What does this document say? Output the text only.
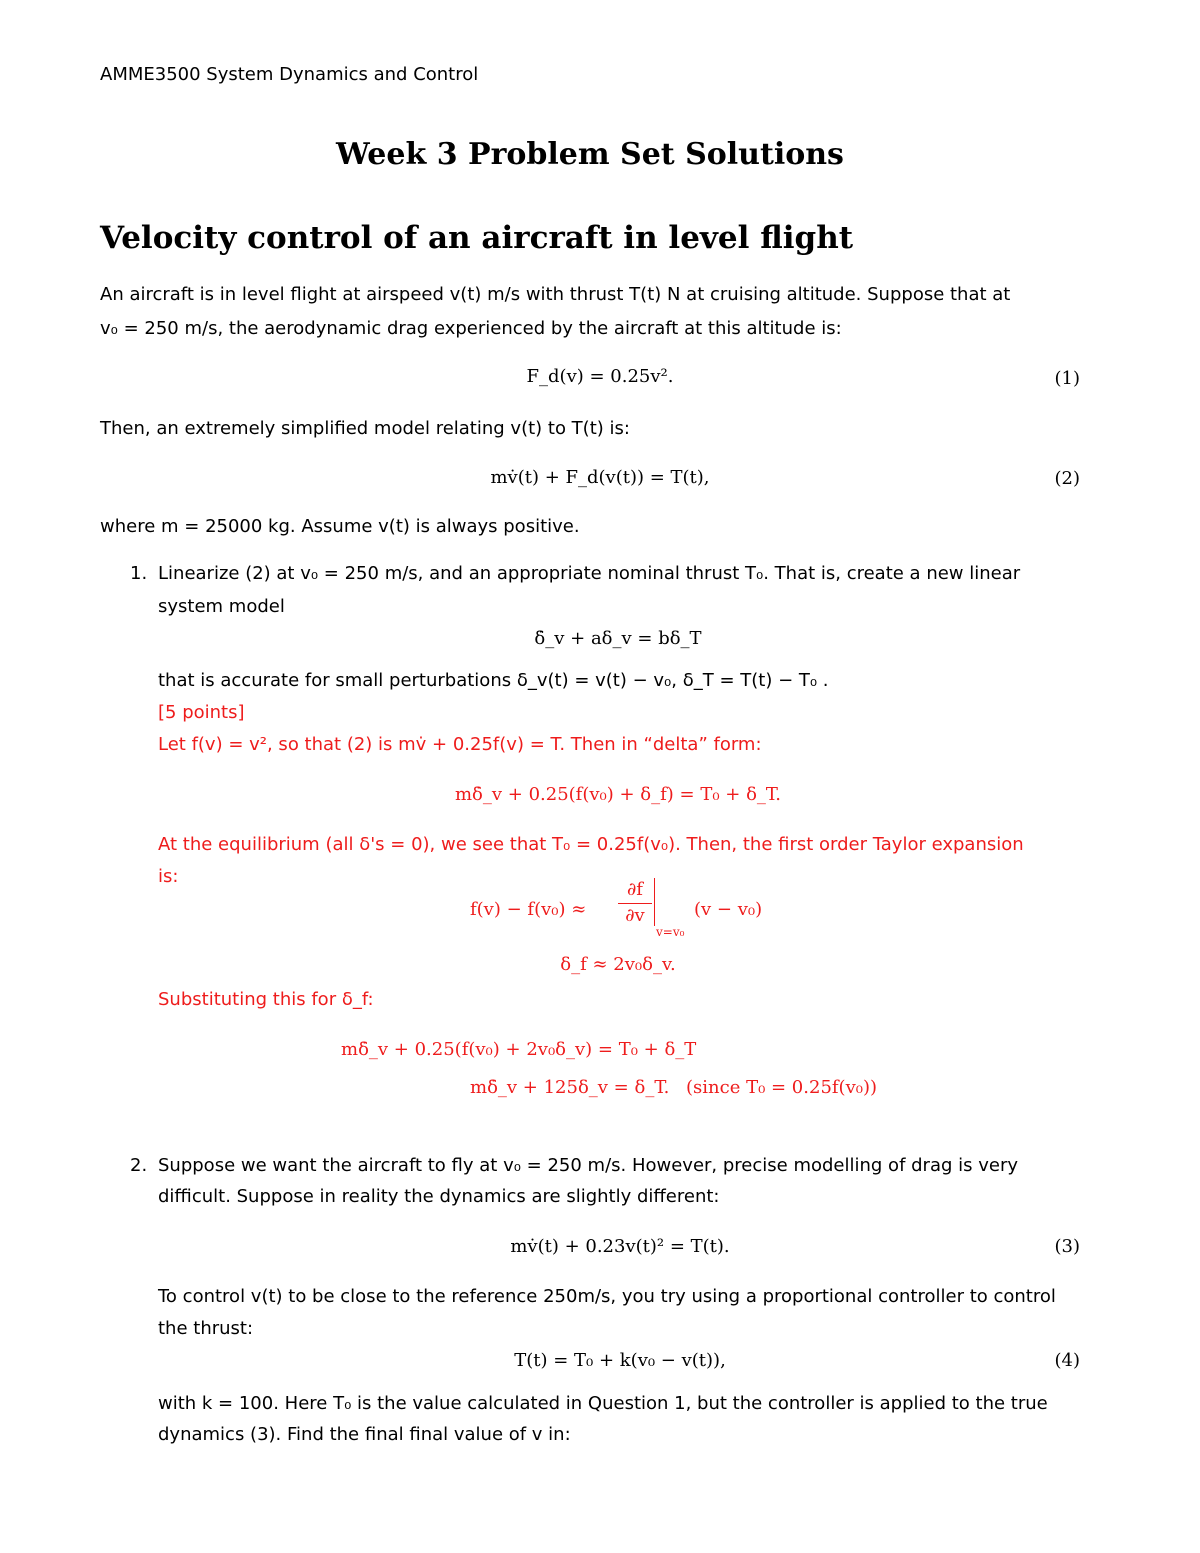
AMME3500 System Dynamics and Control
Week 3 Problem Set Solutions
Velocity control of an aircraft in level flight
An aircraft is in level flight at airspeed v(t) m/s with thrust T(t) N at cruising altitude. Suppose that at
v₀ = 250 m/s, the aerodynamic drag experienced by the aircraft at this altitude is:
F_d(v) = 0.25v².	(1)
Then, an extremely simplified model relating v(t) to T(t) is:
mv̇(t) + F_d(v(t)) = T(t),	(2)
where m = 25000 kg. Assume v(t) is always positive.
1. Linearize (2) at v₀ = 250 m/s, and an appropriate nominal thrust T₀. That is, create a new linear
system model
δ̇_v + aδ_v = bδ_T
that is accurate for small perturbations δ_v(t) = v(t) − v₀, δ_T = T(t) − T₀ .
[5 points]
Let f(v) = v², so that (2) is mv̇ + 0.25f(v) = T. Then in “delta” form:
mδ̇_v + 0.25(f(v₀) + δ_f) = T₀ + δ_T.
At the equilibrium (all δ's = 0), we see that T₀ = 0.25f(v₀). Then, the first order Taylor expansion
is:
f(v) − f(v₀) ≈
∂f
∂v
v=v₀
(v − v₀)
δ_f ≈ 2v₀δ_v.
Substituting this for δ_f:
mδ̇_v + 0.25(f(v₀) + 2v₀δ_v) = T₀ + δ_T
mδ̇_v + 125δ_v = δ_T. (since T₀ = 0.25f(v₀))
2. Suppose we want the aircraft to fly at v₀ = 250 m/s. However, precise modelling of drag is very
difficult. Suppose in reality the dynamics are slightly different:
mv̇(t) + 0.23v(t)² = T(t).	(3)
To control v(t) to be close to the reference 250m/s, you try using a proportional controller to control
the thrust:
T(t) = T₀ + k(v₀ − v(t)),	(4)
with k = 100. Here T₀ is the value calculated in Question 1, but the controller is applied to the true
dynamics (3). Find the final final value of v in:
